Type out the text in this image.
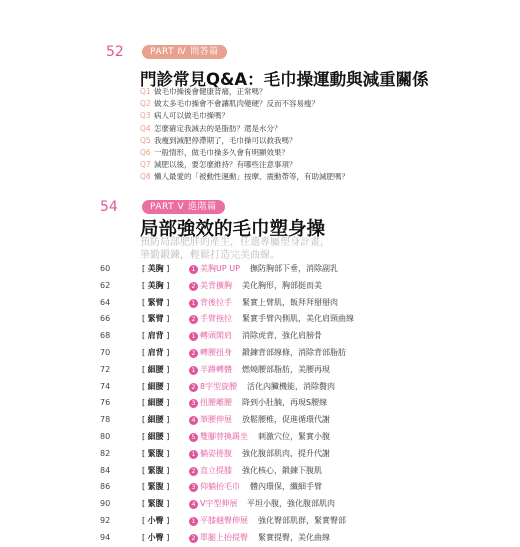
52	PART Ⅳ 問答篇
門診常見Q&A：毛巾操運動與減重關係
Q1 做毛巾操後會健康背痛，正常嗎？
Q2 做太多毛巾操會不會讓肌肉變硬？反而不容易瘦？
Q3 病人可以做毛巾操嗎？
Q4 怎麼確定我減去的是脂肪？還是水分？
Q5 我瘦到減肥停滯期了，毛巾操可以救我嗎？
Q6 一般情形，做毛巾操多久會有明顯效果？
Q7 減肥以後，要怎麼維持？有哪些注意事項？
Q8 懶人最愛的「被動性運動」按摩、震動帶等，有助減肥嗎？
54	PART Ⅴ 進階篇
局部強效的毛巾塑身操
預防局部肥胖的產生，任選專屬塑身計畫，
筆勤鍛鍊，輕鬆打造完美曲線。
60	[ 美胸 ]	1 美胸UP UP 撫防胸部下垂，消除副乳
62	[ 美胸 ]	2 美背擴胸 美化胸形，胸部挺而美
64	[ 緊臂 ]	1 背後拉手 緊實上臂肌，飯拜拜掰掰肉
66	[ 緊臂 ]	2 手臂拖拉 緊實手臂內側肌，美化肩頸曲線
68	[ 肩背 ]	1 轉頭開肩 消除虎背，強化肩膀骨
70	[ 肩背 ]	2 轉腰扭身 鍛鍊背部線條，消除背部脂肪
72	[ 細腰 ]	1 半蹲轉體 燃燒腰部脂肪，美腰再現
74	[ 細腰 ]	2 8字型旋腰 活化內臟機能，消除贅肉
76	[ 細腰 ]	3 扭腰雕腰 降到小肚腩，再現S腰線
78	[ 細腰 ]	4 筆腰伸展 放鬆腰椎，促進循環代謝
80	[ 細腰 ]	5 雙腳替換踢坐 刺激穴位，緊實小腹
82	[ 緊腹 ]	1 躺姿捲腹 強化腹部肌肉，提升代謝
84	[ 緊腹 ]	2 直立提膝 強化核心，鍛鍊下腹肌
86	[ 緊腹 ]	3 仰躺抬毛巾 體內環保，纖細手臂
90	[ 緊腹 ]	4 V字型伸展 平坦小腹，強化腹部肌肉
92	[ 小臀 ]	1 平膝翹臀伸展 強化臀部肌群，緊實臀部
94	[ 小臀 ]	2 單腿上抬提臀 緊實提臀，美化曲線
